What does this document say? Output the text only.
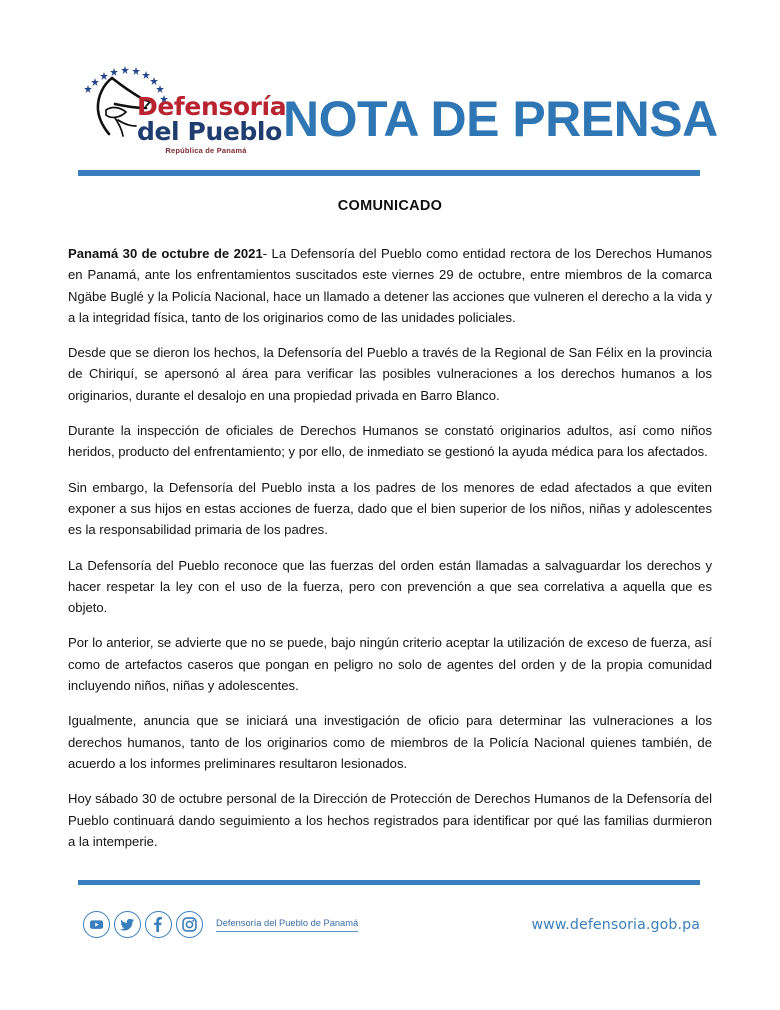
Defensoría
del Pueblo
República de Panamá
NOTA DE PRENSA
COMUNICADO

Panamá 30 de octubre de 2021- La Defensoría del Pueblo como entidad rectora de los Derechos Humanos en Panamá, ante los enfrentamientos suscitados este viernes 29 de octubre, entre miembros de la comarca Ngäbe Buglé y la Policía Nacional, hace un llamado a detener las acciones que vulneren el derecho a la vida y a la integridad física, tanto de los originarios como de las unidades policiales.

Desde que se dieron los hechos, la Defensoría del Pueblo a través de la Regional de San Félix en la provincia de Chiriquí, se apersonó al área para verificar las posibles vulneraciones a los derechos humanos a los originarios, durante el desalojo en una propiedad privada en Barro Blanco.

Durante la inspección de oficiales de Derechos Humanos se constató originarios adultos, así como niños heridos, producto del enfrentamiento; y por ello, de inmediato se gestionó la ayuda médica para los afectados.

Sin embargo, la Defensoría del Pueblo insta a los padres de los menores de edad afectados a que eviten exponer a sus hijos en estas acciones de fuerza, dado que el bien superior de los niños, niñas y adolescentes es la responsabilidad primaria de los padres.

La Defensoría del Pueblo reconoce que las fuerzas del orden están llamadas a salvaguardar los derechos y hacer respetar la ley con el uso de la fuerza, pero con prevención a que sea correlativa a aquella que es objeto.

Por lo anterior, se advierte que no se puede, bajo ningún criterio aceptar la utilización de exceso de fuerza, así como de artefactos caseros que pongan en peligro no solo de agentes del orden y de la propia comunidad incluyendo niños, niñas y adolescentes.

Igualmente, anuncia que se iniciará una investigación de oficio para determinar las vulneraciones a los derechos humanos, tanto de los originarios como de miembros de la Policía Nacional quienes también, de acuerdo a los informes preliminares resultaron lesionados.

Hoy sábado 30 de octubre personal de la Dirección de Protección de Derechos Humanos de la Defensoría del Pueblo continuará dando seguimiento a los hechos registrados para identificar por qué las familias durmieron a la intemperie.

Defensoría del Pueblo de Panamá	www.defensoria.gob.pa
